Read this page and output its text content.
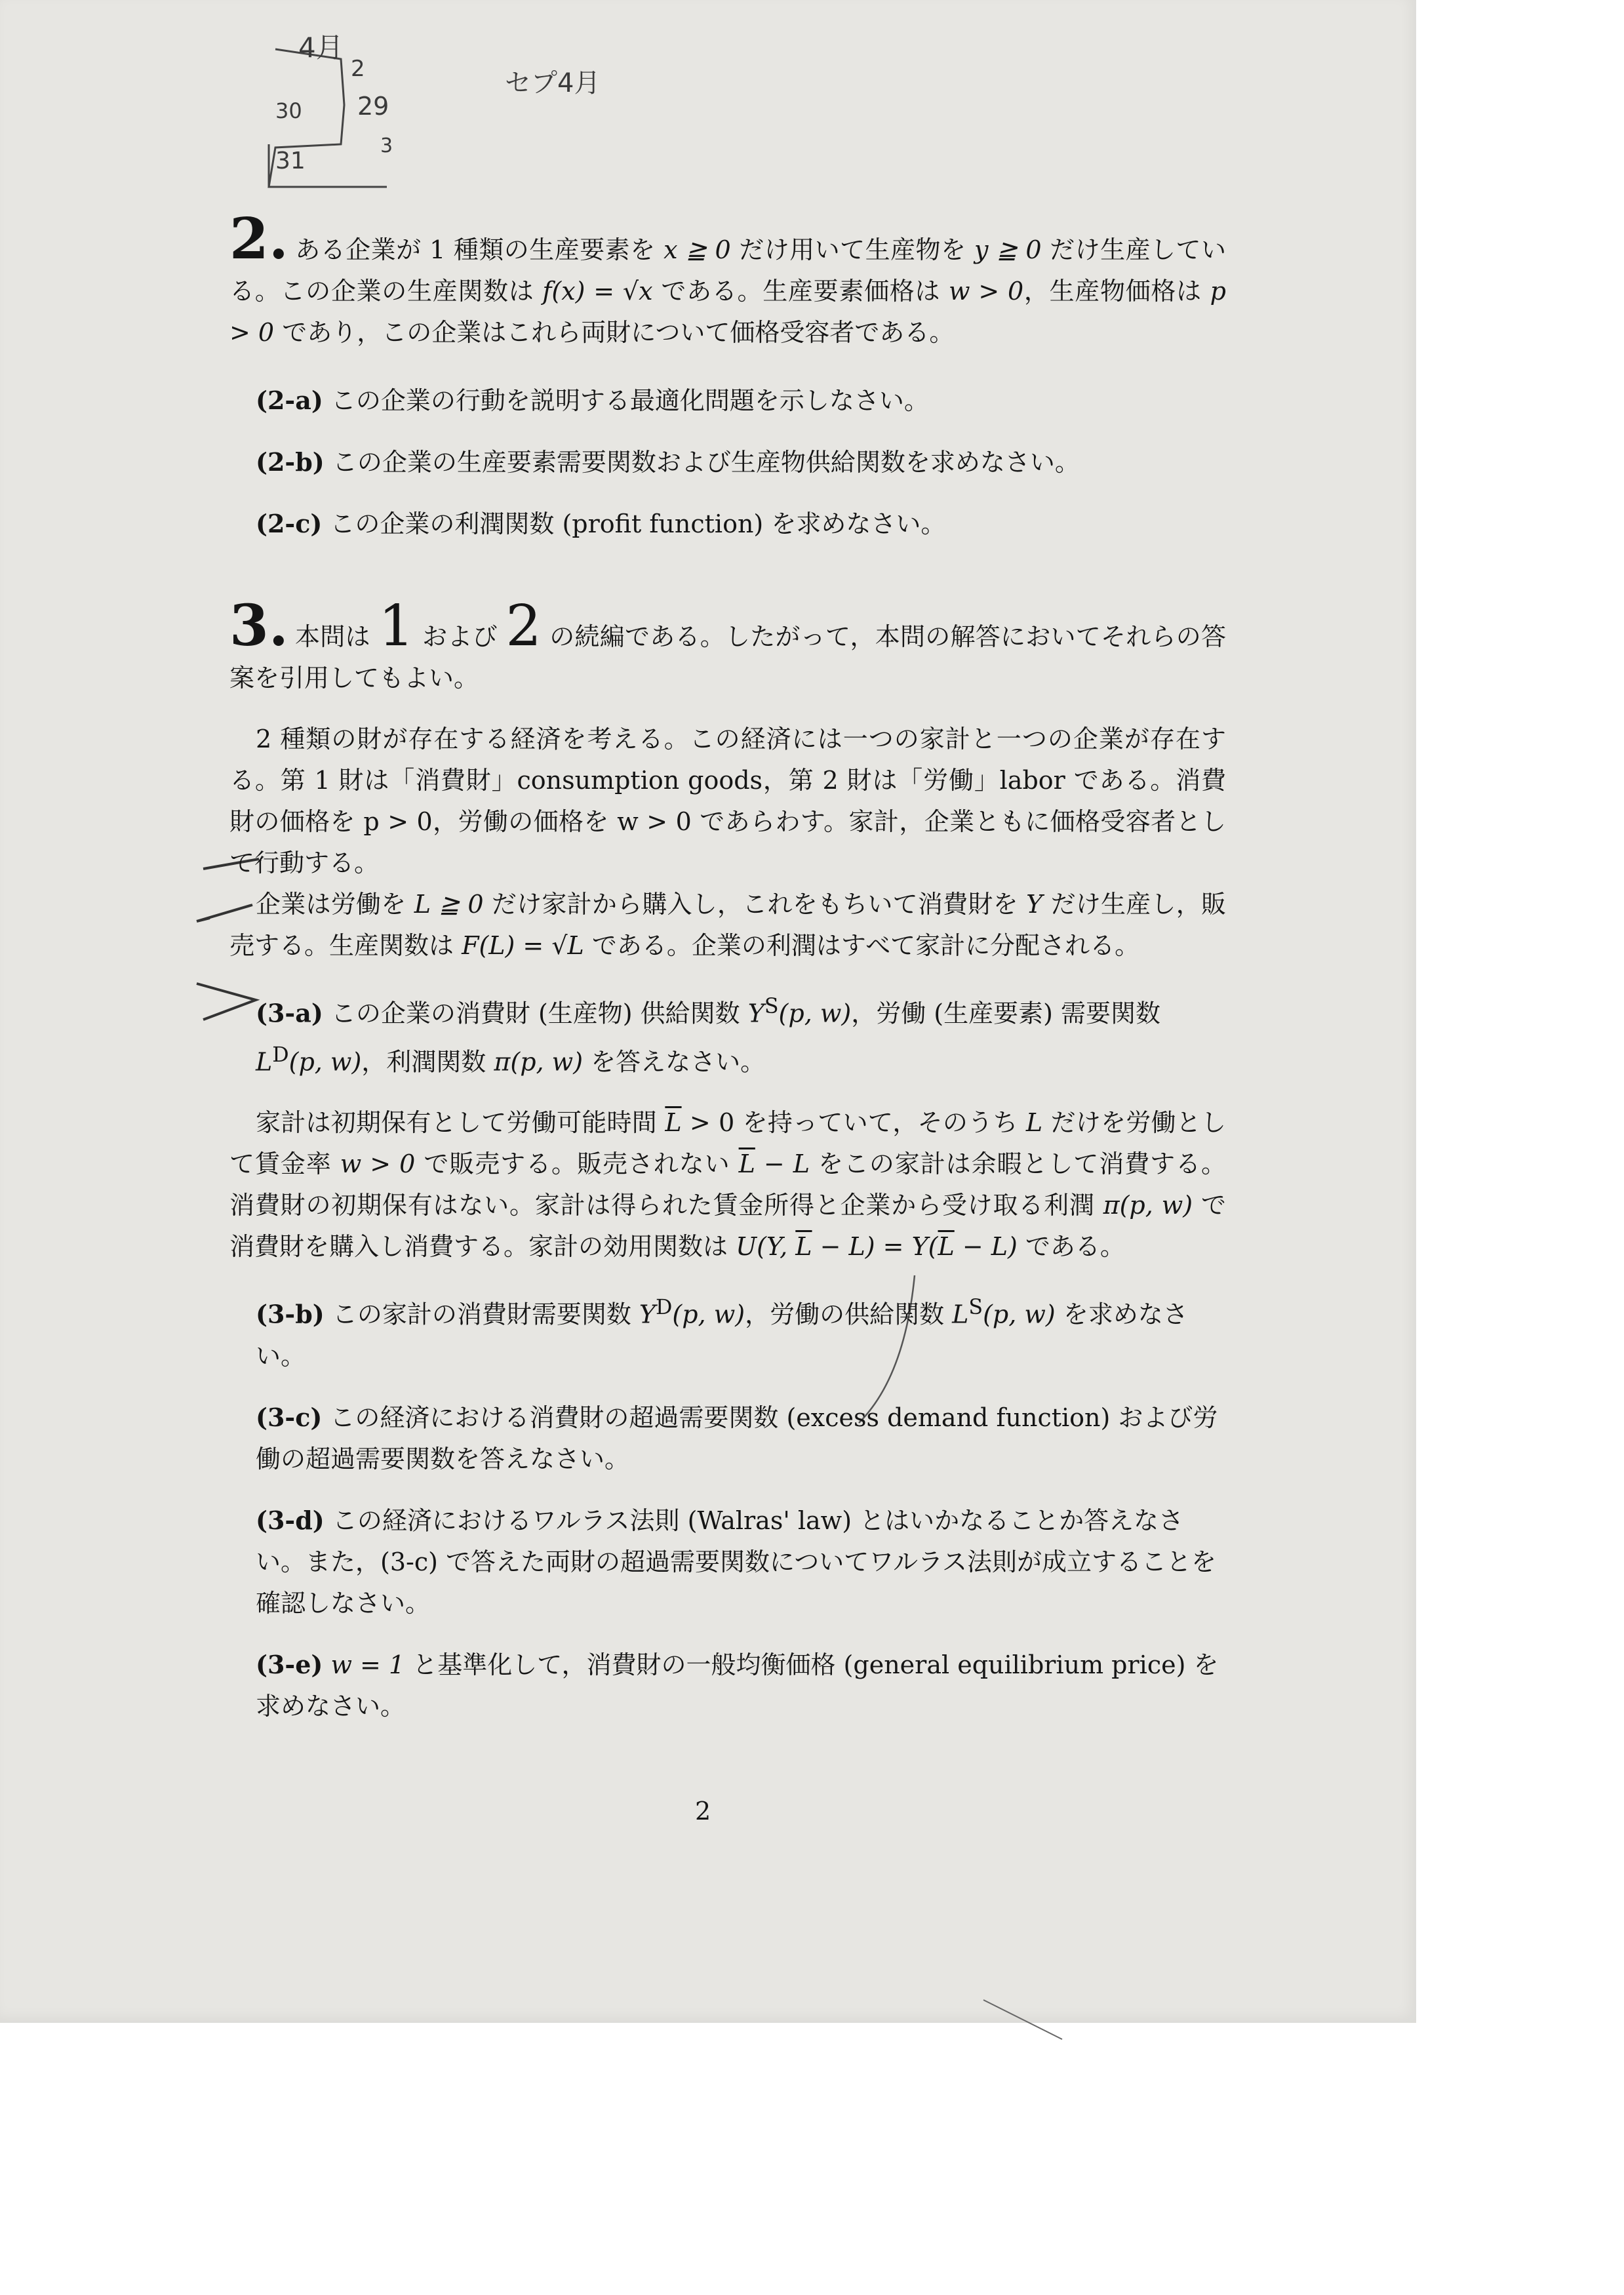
4月
2
30 29
3
31
セプ4月

2. ある企業が 1 種類の生産要素を x ≧ 0 だけ用いて生産物を y ≧ 0 だけ生産している。この企業の生産関数は f(x) = √x である。生産要素価格は w > 0，生産物価格は p > 0 であり，この企業はこれら両財について価格受容者である。

(2-a) この企業の行動を説明する最適化問題を示しなさい。

(2-b) この企業の生産要素需要関数および生産物供給関数を求めなさい。

(2-c) この企業の利潤関数 (profit function) を求めなさい。

3. 本問は 1 および 2 の続編である。したがって，本問の解答においてそれらの答案を引用してもよい。

2 種類の財が存在する経済を考える。この経済には一つの家計と一つの企業が存在する。第 1 財は「消費財」consumption goods，第 2 財は「労働」labor である。消費財の価格を p > 0，労働の価格を w > 0 であらわす。家計，企業ともに価格受容者として行動する。

企業は労働を L ≧ 0 だけ家計から購入し，これをもちいて消費財を Y だけ生産し，販売する。生産関数は F(L) = √L である。企業の利潤はすべて家計に分配される。

(3-a) この企業の消費財 (生産物) 供給関数 $Y^S(p$, w)，労働 (生産要素) 需要関数 $L^D(p$, w)，利潤関数 π(p, w) を答えなさい。

家計は初期保有として労働可能時間 $\overline{L} > 0$ を持っていて，そのうち L だけを労働として賃金率 w > 0 で販売する。販売されない $\overline{L} - L$ をこの家計は余暇として消費する。消費財の初期保有はない。家計は得られた賃金所得と企業から受け取る利潤 π(p, w) で消費財を購入し消費する。家計の効用関数は U(Y, $\overline{L} - L) = Y(\overline{L} - L)$ である。

(3-b) この家計の消費財需要関数 $Y^D(p$, w)，労働の供給関数 $L^S(p$, w) を求めなさい。

(3-c) この経済における消費財の超過需要関数 (excess demand function) および労働の超過需要関数を答えなさい。

(3-d) この経済におけるワルラス法則 (Walras' law) とはいかなることか答えなさい。また，(3-c) で答えた両財の超過需要関数についてワルラス法則が成立することを確認しなさい。

(3-e) w = 1 と基準化して，消費財の一般均衡価格 (general equilibrium price) を求めなさい。

2
